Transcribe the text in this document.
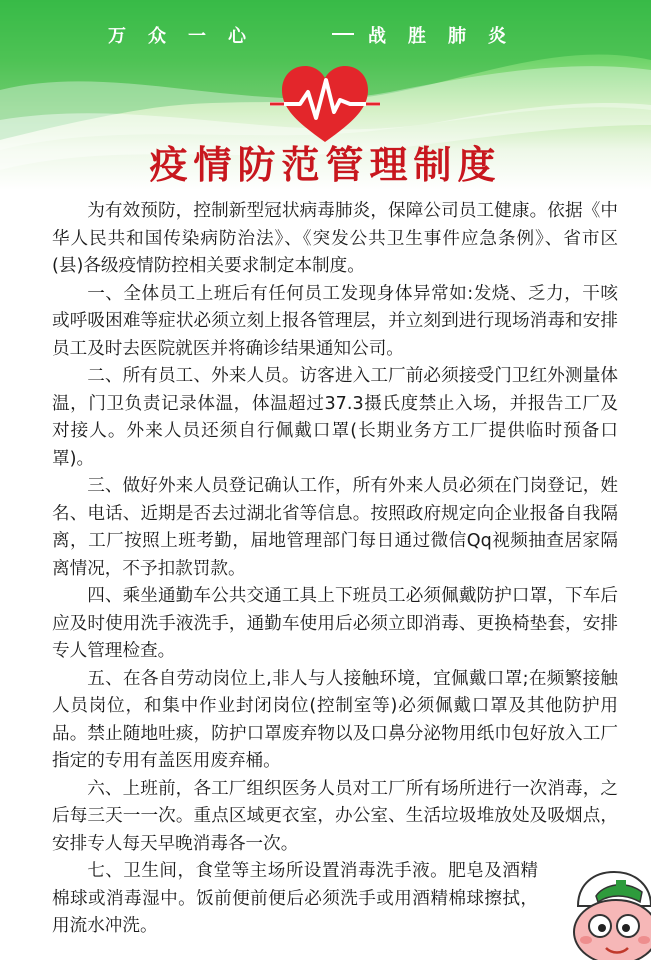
万众一心	战胜肺炎
疫情防范管理制度

为有效预防，控制新型冠状病毒肺炎，保障公司员工健康。依据《中华人民共和国传染病防治法》、《突发公共卫生事件应急条例》、省市区(县)各级疫情防控相关要求制定本制度。

一、全体员工上班后有任何员工发现身体异常如:发烧、乏力，干咳或呼吸困难等症状必须立刻上报各管理层，并立刻到进行现场消毒和安排员工及时去医院就医并将确诊结果通知公司。

二、所有员工、外来人员。访客进入工厂前必须接受门卫红外测量体温，门卫负责记录体温，体温超过37.3摄氏度禁止入场，并报告工厂及对接人。外来人员还须自行佩戴口罩(长期业务方工厂提供临时预备口罩)。

三、做好外来人员登记确认工作，所有外来人员必须在门岗登记，姓名、电话、近期是否去过湖北省等信息。按照政府规定向企业报备自我隔离，工厂按照上班考勤，届地管理部门每日通过微信Qq视频抽查居家隔离情况，不予扣款罚款。

四、乘坐通勤车公共交通工具上下班员工必须佩戴防护口罩，下车后应及时使用洗手液洗手，通勤车使用后必须立即消毒、更换椅垫套，安排专人管理检查。

五、在各自劳动岗位上,非人与人接触环境，宜佩戴口罩;在频繁接触人员岗位，和集中作业封闭岗位(控制室等)必须佩戴口罩及其他防护用品。禁止随地吐痰，防护口罩废弃物以及口鼻分泌物用纸巾包好放入工厂指定的专用有盖医用废弃桶。

六、上班前，各工厂组织医务人员对工厂所有场所进行一次消毒，之后每三天一一次。重点区域更衣室，办公室、生活垃圾堆放处及吸烟点，安排专人每天早晚消毒各一次。

七、卫生间，食堂等主场所设置消毒洗手液。肥皂及酒精棉球或消毒湿中。饭前便前便后必须洗手或用酒精棉球擦拭，用流水冲洗。
